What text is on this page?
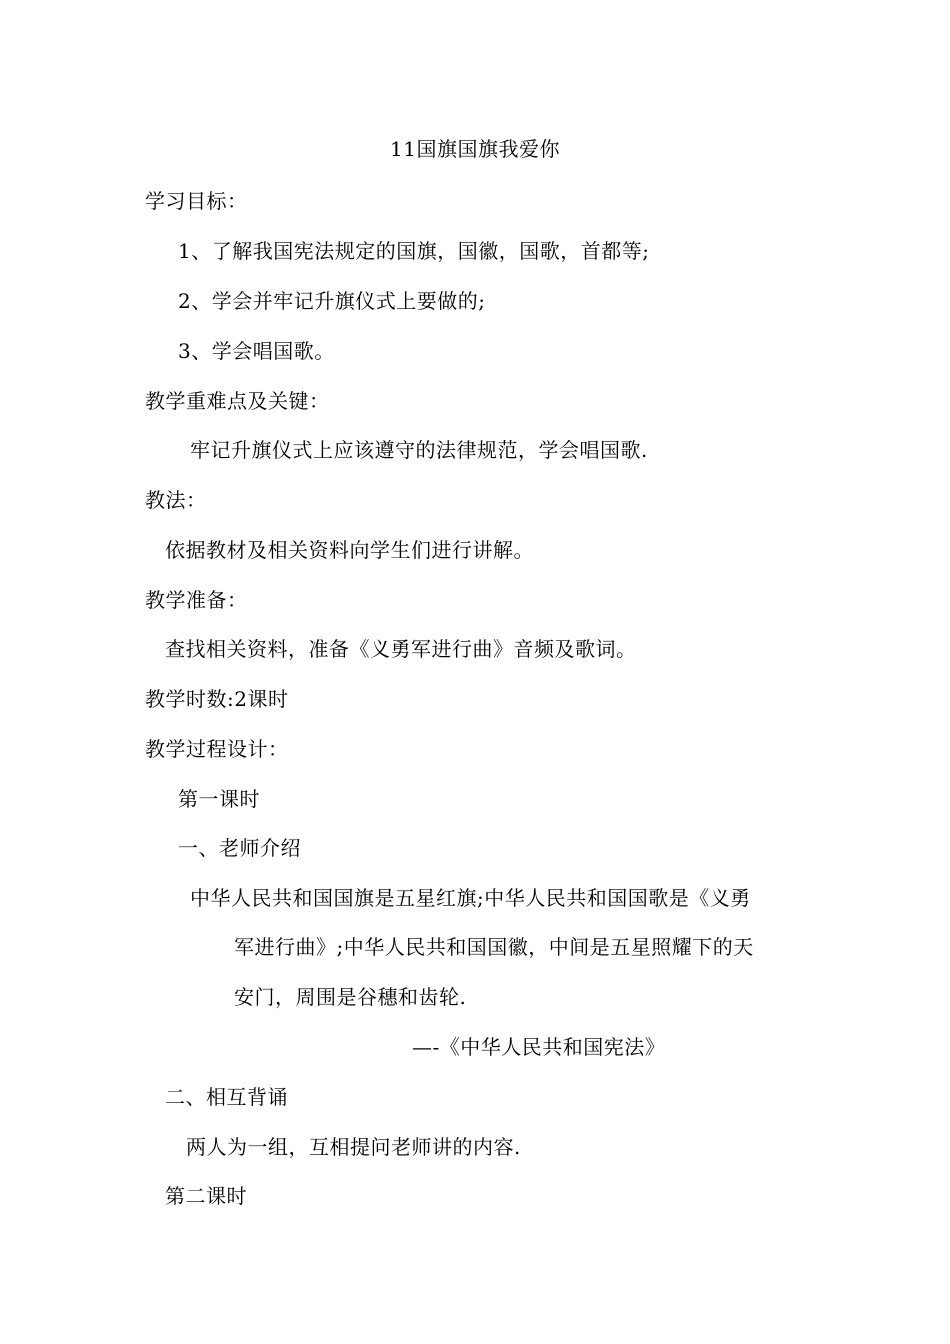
11国旗国旗我爱你
学习目标：
1、了解我国宪法规定的国旗，国徽，国歌，首都等;
2、学会并牢记升旗仪式上要做的;
3、学会唱国歌。
教学重难点及关键：
牢记升旗仪式上应该遵守的法律规范，学会唱国歌.
教法：
依据教材及相关资料向学生们进行讲解。
教学准备：
查找相关资料，准备《义勇军进行曲》音频及歌词。
教学时数:2课时
教学过程设计：
第一课时
一、老师介绍
中华人民共和国国旗是五星红旗;中华人民共和国国歌是《义勇
军进行曲》;中华人民共和国国徽，中间是五星照耀下的天
安门，周围是谷穗和齿轮.
—-《中华人民共和国宪法》
二、相互背诵
两人为一组，互相提问老师讲的内容.
第二课时
